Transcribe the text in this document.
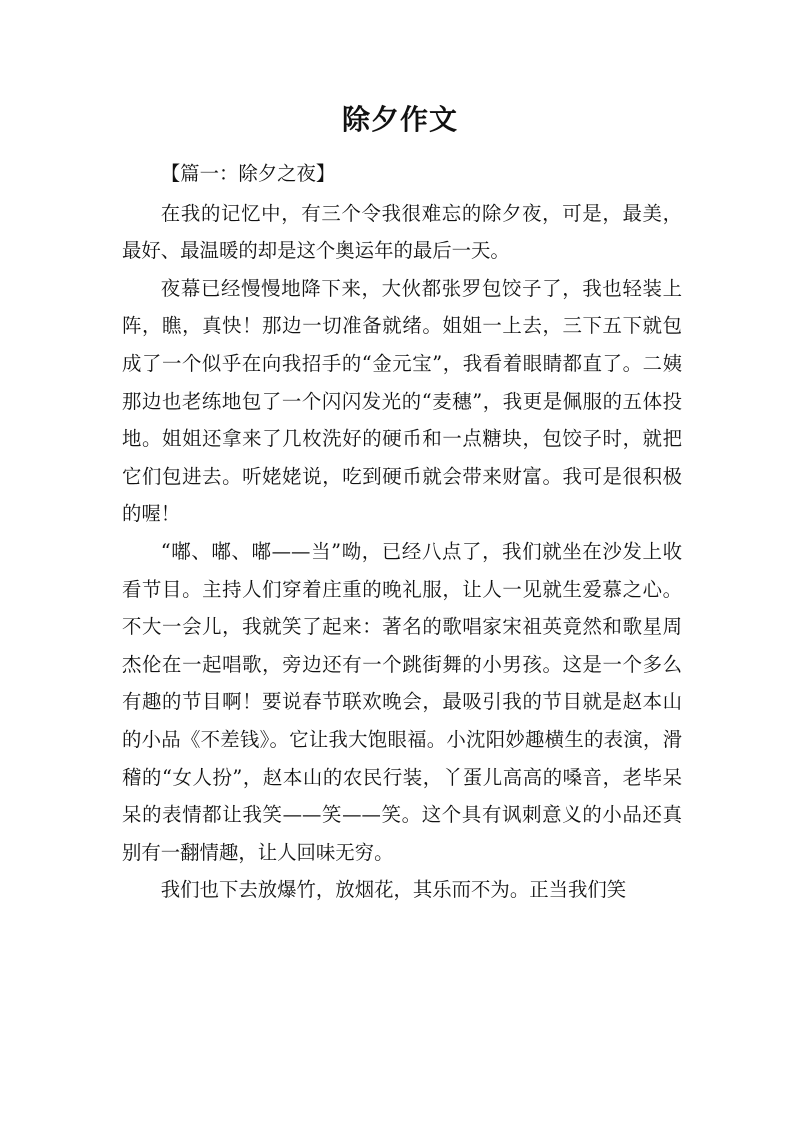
除夕作文

【篇一：除夕之夜】

在我的记忆中，有三个令我很难忘的除夕夜，可是，最美，最好、最温暖的却是这个奥运年的最后一天。

夜幕已经慢慢地降下来，大伙都张罗包饺子了，我也轻装上阵，瞧，真快！那边一切准备就绪。姐姐一上去，三下五下就包成了一个似乎在向我招手的“金元宝”，我看着眼睛都直了。二姨那边也老练地包了一个闪闪发光的“麦穗”，我更是佩服的五体投地。姐姐还拿来了几枚洗好的硬币和一点糖块，包饺子时，就把它们包进去。听姥姥说，吃到硬币就会带来财富。我可是很积极的喔！

“嘟、嘟、嘟——当”呦，已经八点了，我们就坐在沙发上收看节目。主持人们穿着庄重的晚礼服，让人一见就生爱慕之心。不大一会儿，我就笑了起来：著名的歌唱家宋祖英竟然和歌星周杰伦在一起唱歌，旁边还有一个跳街舞的小男孩。这是一个多么有趣的节目啊！要说春节联欢晚会，最吸引我的节目就是赵本山的小品《不差钱》。它让我大饱眼福。小沈阳妙趣横生的表演，滑稽的“女人扮”，赵本山的农民行装，丫蛋儿高高的嗓音，老毕呆呆的表情都让我笑——笑——笑。这个具有讽刺意义的小品还真别有一翻情趣，让人回味无穷。

我们也下去放爆竹，放烟花，其乐而不为。正当我们笑
